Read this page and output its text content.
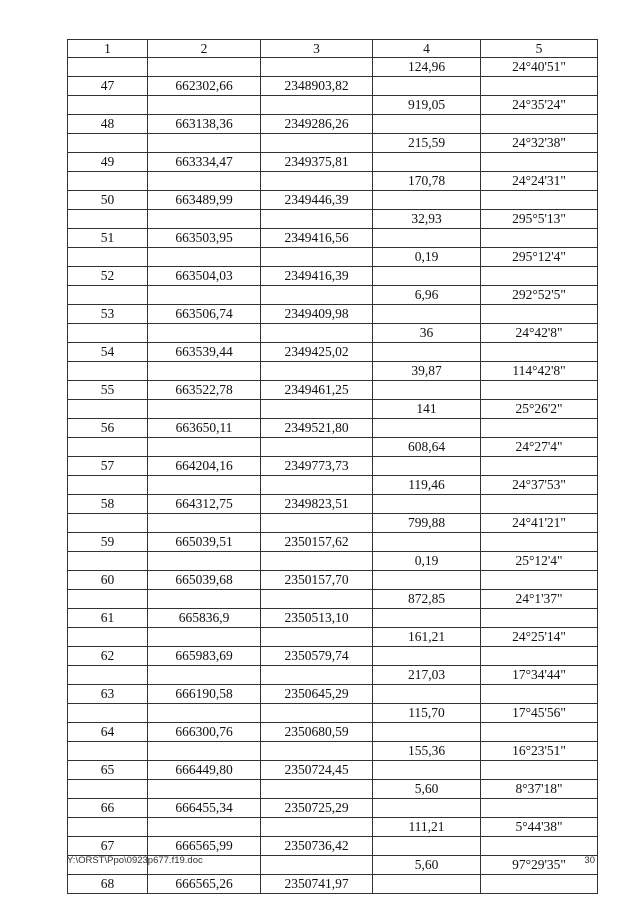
1	2	3	4	5
			124,96	24°40'51"
47	662302,66	2348903,82		
			919,05	24°35'24"
48	663138,36	2349286,26		
			215,59	24°32'38"
49	663334,47	2349375,81		
			170,78	24°24'31"
50	663489,99	2349446,39		
			32,93	295°5'13"
51	663503,95	2349416,56		
			0,19	295°12'4"
52	663504,03	2349416,39		
			6,96	292°52'5"
53	663506,74	2349409,98		
			36	24°42'8"
54	663539,44	2349425,02		
			39,87	114°42'8"
55	663522,78	2349461,25		
			141	25°26'2"
56	663650,11	2349521,80		
			608,64	24°27'4"
57	664204,16	2349773,73		
			119,46	24°37'53"
58	664312,75	2349823,51		
			799,88	24°41'21"
59	665039,51	2350157,62		
			0,19	25°12'4"
60	665039,68	2350157,70		
			872,85	24°1'37"
61	665836,9	2350513,10		
			161,21	24°25'14"
62	665983,69	2350579,74		
			217,03	17°34'44"
63	666190,58	2350645,29		
			115,70	17°45'56"
64	666300,76	2350680,59		
			155,36	16°23'51"
65	666449,80	2350724,45		
			5,60	8°37'18"
66	666455,34	2350725,29		
			111,21	5°44'38"
67	666565,99	2350736,42		
			5,60	97°29'35"
68	666565,26	2350741,97		
Y:\ORST\Ppo\0923p677.f19.doc	30
